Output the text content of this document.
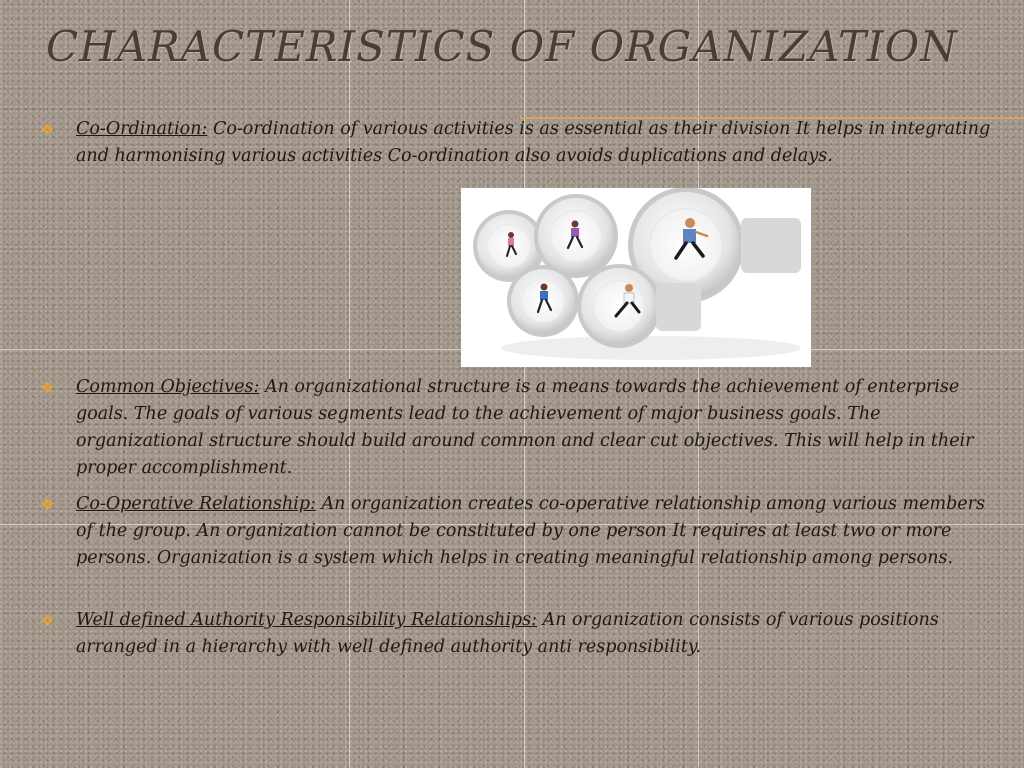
CHARACTERISTICS OF ORGANIZATION
❖ Co-Ordination: Co-ordination of various activities is as essential as their division It helps in integrating and harmonising various activities Co-ordination also avoids duplications and delays.
❖ Common Objectives: An organizational structure is a means towards the achievement of enterprise goals. The goals of various segments lead to the achievement of major business goals. The organizational structure should build around common and clear cut objectives. This will help in their proper accomplishment.
❖ Co-Operative Relationship: An organization creates co-operative relationship among various members of the group. An organization cannot be constituted by one person It requires at least two or more persons. Organization is a system which helps in creating meaningful relationship among persons.
❖ Well defined Authority Responsibility Relationships: An organization consists of various positions arranged in a hierarchy with well defined authority anti responsibility.
